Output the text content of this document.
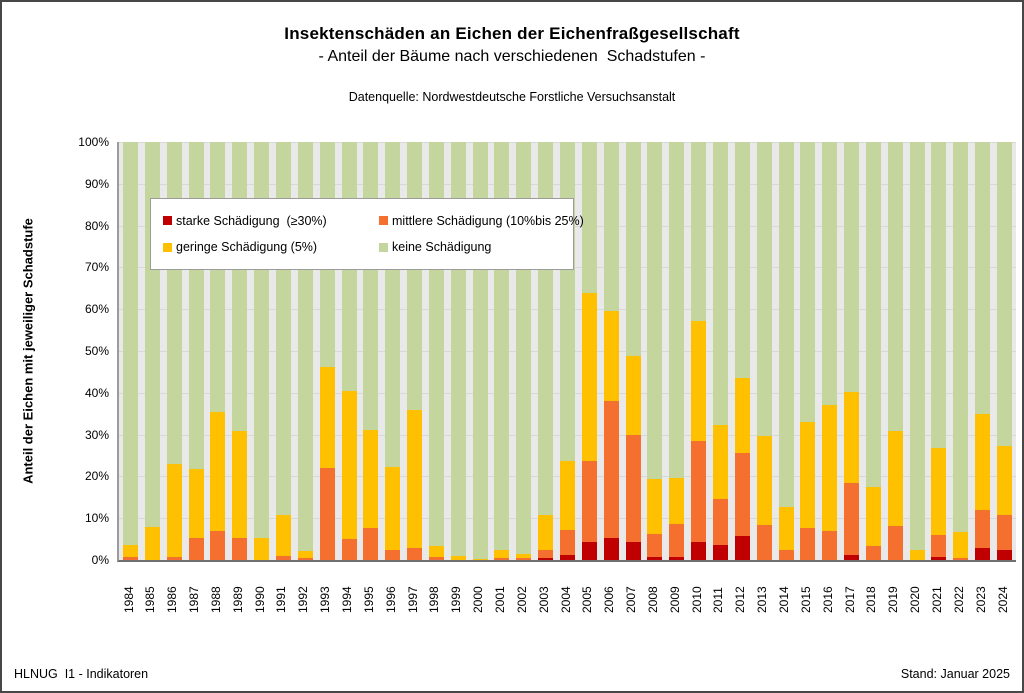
Insektenschäden an Eichen der Eichenfraßgesellschaft
- Anteil der Bäume nach verschiedenen  Schadstufen -
Datenquelle: Nordwestdeutsche Forstliche Versuchsanstalt
Anteil der Eichen mit jeweiliger Schadstufe
100%
90%
80%
70%
60%
50%
40%
30%
20%
10%
0%
1984 1985 1986 1987 1988 1989 1990 1991 1992 1993 1994 1995 1996 1997 1998 1999 2000 2001 2002 2003 2004 2005 2006 2007 2008 2009 2010 2011 2012 2013 2014 2015 2016 2017 2018 2019 2020 2021 2022 2023 2024
starke Schädigung  (≥30%)	mittlere Schädigung (10%bis 25%)
geringe Schädigung (5%)	keine Schädigung
HLNUG  I1 - Indikatoren	Stand: Januar 2025
